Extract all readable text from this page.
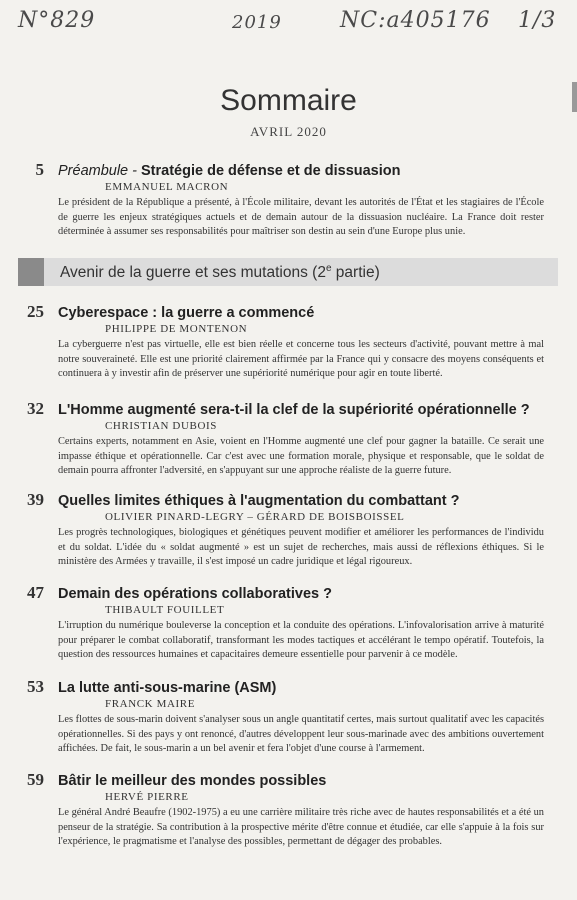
N°829	2019	NC:a405176 1/3
Sommaire
AVRIL 2020
5 Préambule - Stratégie de défense et de dissuasion
EMMANUEL MACRON
Le président de la République a présenté, à l'École militaire, devant les autorités de l'État et les stagiaires de l'École de guerre les enjeux stratégiques actuels et de demain autour de la dissuasion nucléaire. La France doit rester déterminée à assumer ses responsabilités pour maîtriser son destin au sein d'une Europe plus unie.
Avenir de la guerre et ses mutations (2e partie)
25 Cyberespace : la guerre a commencé
PHILIPPE DE MONTENON
La cyberguerre n'est pas virtuelle, elle est bien réelle et concerne tous les secteurs d'activité, pouvant mettre à mal notre souveraineté. Elle est une priorité clairement affirmée par la France qui y consacre des moyens conséquents et continuera à y investir afin de préserver une supériorité numérique pour agir en toute liberté.
32 L'Homme augmenté sera-t-il la clef de la supériorité opérationnelle ?
CHRISTIAN DUBOIS
Certains experts, notamment en Asie, voient en l'Homme augmenté une clef pour gagner la bataille. Ce serait une impasse éthique et opérationnelle. Car c'est avec une formation morale, physique et responsable, que le soldat de demain pourra affronter l'adversité, en s'appuyant sur une approche réaliste de la guerre future.
39 Quelles limites éthiques à l'augmentation du combattant ?
OLIVIER PINARD-LEGRY – GÉRARD DE BOISBOISSEL
Les progrès technologiques, biologiques et génétiques peuvent modifier et améliorer les performances de l'individu et du soldat. L'idée du « soldat augmenté » est un sujet de recherches, mais aussi de réflexions éthiques. Si le ministère des Armées y travaille, il s'est imposé un cadre juridique et légal rigoureux.
47 Demain des opérations collaboratives ?
THIBAULT FOUILLET
L'irruption du numérique bouleverse la conception et la conduite des opérations. L'infovalorisation arrive à maturité pour préparer le combat collaboratif, transformant les modes tactiques et accélérant le tempo opératif. Toutefois, la question des ressources humaines et capacitaires demeure essentielle pour parvenir à ce modèle.
53 La lutte anti-sous-marine (ASM)
FRANCK MAIRE
Les flottes de sous-marin doivent s'analyser sous un angle quantitatif certes, mais surtout qualitatif avec les capacités opérationnelles. Si des pays y ont renoncé, d'autres développent leur sous-marinade avec des ambitions ouvertement affichées. De fait, le sous-marin a un bel avenir et fera l'objet d'une course à l'armement.
59 Bâtir le meilleur des mondes possibles
HERVÉ PIERRE
Le général André Beaufre (1902-1975) a eu une carrière militaire très riche avec de hautes responsabilités et a été un penseur de la stratégie. Sa contribution à la prospective mérite d'être connue et étudiée, car elle s'appuie à la fois sur l'expérience, le pragmatisme et l'analyse des possibles, permettant de dégager des probables.
